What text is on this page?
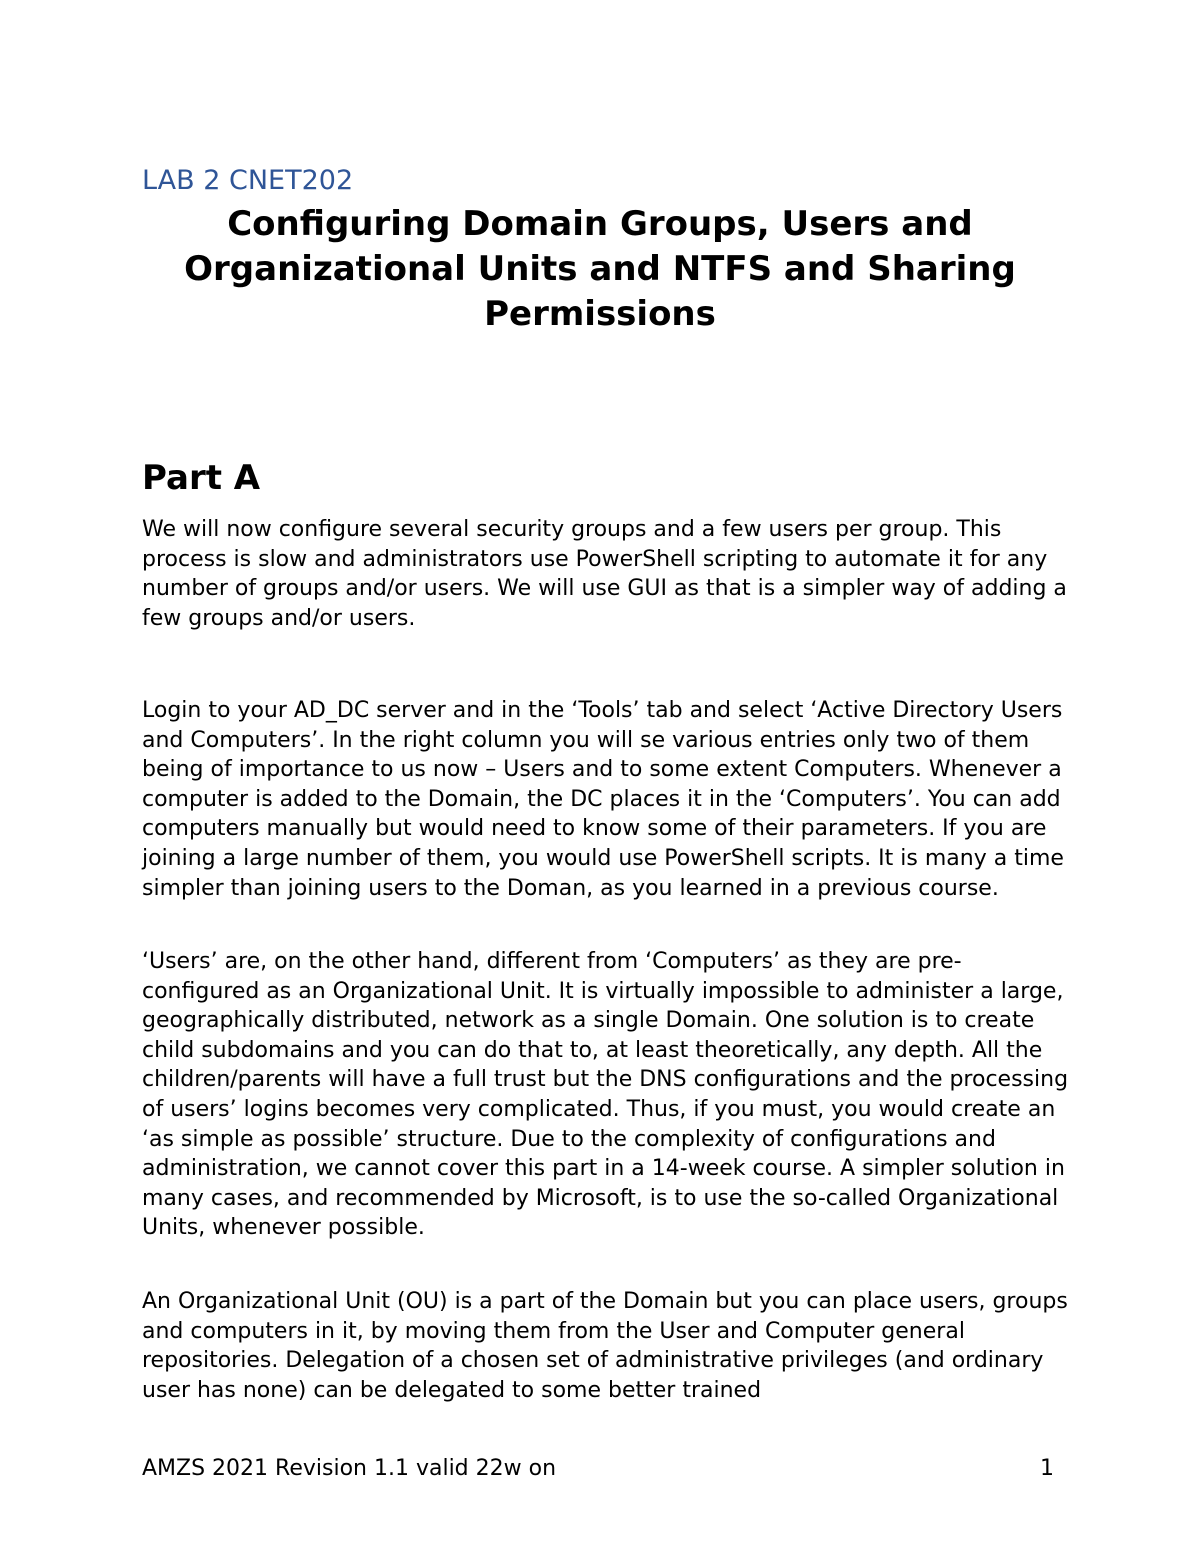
LAB 2 CNET202

Configuring Domain Groups, Users and Organizational Units and NTFS and Sharing Permissions
Part A

We will now configure several security groups and a few users per group. This process is slow and administrators use PowerShell scripting to automate it for any number of groups and/or users. We will use GUI as that is a simpler way of adding a few groups and/or users.

Login to your AD_DC server and in the ‘Tools’ tab and select ‘Active Directory Users and Computers’. In the right column you will se various entries only two of them being of importance to us now – Users and to some extent Computers. Whenever a computer is added to the Domain, the DC places it in the ‘Computers’. You can add computers manually but would need to know some of their parameters. If you are joining a large number of them, you would use PowerShell scripts. It is many a time simpler than joining users to the Doman, as you learned in a previous course.

‘Users’ are, on the other hand, different from ‘Computers’ as they are pre-configured as an Organizational Unit. It is virtually impossible to administer a large, geographically distributed, network as a single Domain. One solution is to create child subdomains and you can do that to, at least theoretically, any depth. All the children/parents will have a full trust but the DNS configurations and the processing of users’ logins becomes very complicated. Thus, if you must, you would create an ‘as simple as possible’ structure. Due to the complexity of configurations and administration, we cannot cover this part in a 14-week course. A simpler solution in many cases, and recommended by Microsoft, is to use the so-called Organizational Units, whenever possible.

An Organizational Unit (OU) is a part of the Domain but you can place users, groups and computers in it, by moving them from the User and Computer general repositories. Delegation of a chosen set of administrative privileges (and ordinary user has none) can be delegated to some better trained

AMZS 2021 Revision 1.1 valid 22w on	1
